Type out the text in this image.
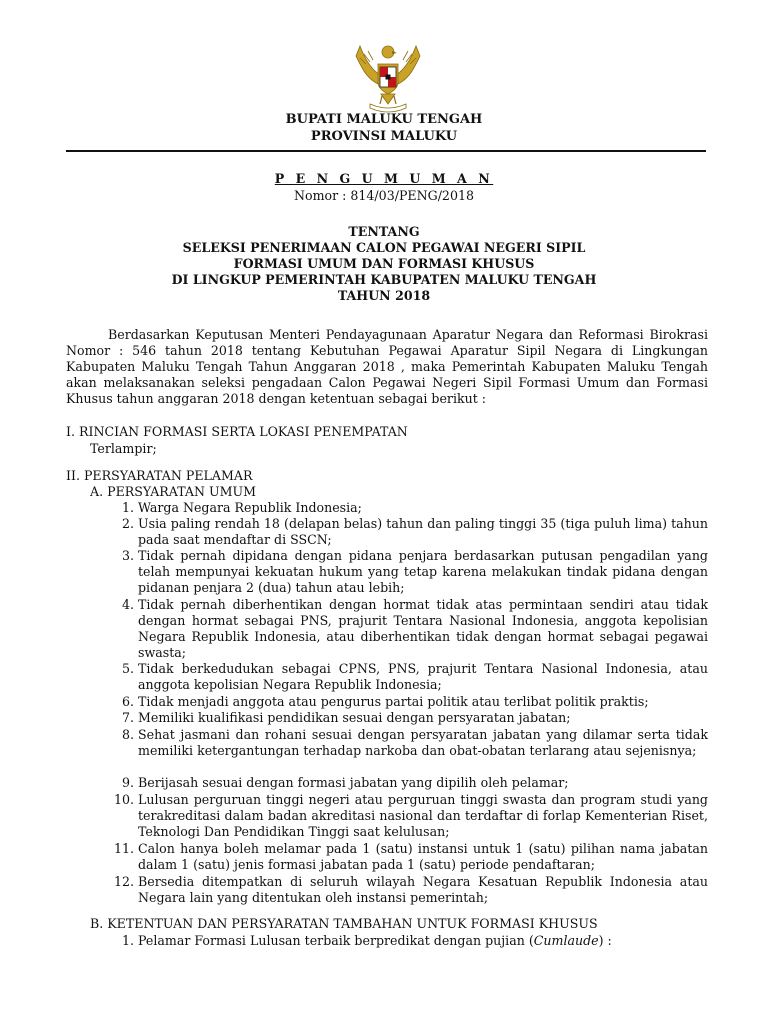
BUPATI MALUKU TENGAH
PROVINSI MALUKU
P E N G U M U M A N
Nomor : 814/03/PENG/2018
TENTANG
SELEKSI PENERIMAAN CALON PEGAWAI NEGERI SIPIL
FORMASI UMUM DAN FORMASI KHUSUS
DI LINGKUP PEMERINTAH KABUPATEN MALUKU TENGAH
TAHUN 2018
Berdasarkan Keputusan Menteri Pendayagunaan Aparatur Negara dan Reformasi Birokrasi Nomor : 546 tahun 2018 tentang Kebutuhan Pegawai Aparatur Sipil Negara di Lingkungan Kabupaten Maluku Tengah Tahun Anggaran 2018 , maka Pemerintah Kabupaten Maluku Tengah akan melaksanakan seleksi pengadaan Calon Pegawai Negeri Sipil Formasi Umum dan Formasi Khusus tahun anggaran 2018 dengan ketentuan sebagai berikut :
I. RINCIAN FORMASI SERTA LOKASI PENEMPATAN
Terlampir;
II. PERSYARATAN PELAMAR
A. PERSYARATAN UMUM
1. Warga Negara Republik Indonesia;
2. Usia paling rendah 18 (delapan belas) tahun dan paling tinggi 35 (tiga puluh lima) tahun pada saat mendaftar di SSCN;
3. Tidak pernah dipidana dengan pidana penjara berdasarkan putusan pengadilan yang telah mempunyai kekuatan hukum yang tetap karena melakukan tindak pidana dengan pidanan penjara 2 (dua) tahun atau lebih;
4. Tidak pernah diberhentikan dengan hormat tidak atas permintaan sendiri atau tidak dengan hormat sebagai PNS, prajurit Tentara Nasional Indonesia, anggota kepolisian Negara Republik Indonesia, atau diberhentikan tidak dengan hormat sebagai pegawai swasta;
5. Tidak berkedudukan sebagai CPNS, PNS, prajurit Tentara Nasional Indonesia, atau anggota kepolisian Negara Republik Indonesia;
6. Tidak menjadi anggota atau pengurus partai politik atau terlibat politik praktis;
7. Memiliki kualifikasi pendidikan sesuai dengan persyaratan jabatan;
8. Sehat jasmani dan rohani sesuai dengan persyaratan jabatan yang dilamar serta tidak memiliki ketergantungan terhadap narkoba dan obat-obatan terlarang atau sejenisnya;
9. Berijasah sesuai dengan formasi jabatan yang dipilih oleh pelamar;
10. Lulusan perguruan tinggi negeri atau perguruan tinggi swasta dan program studi yang terakreditasi dalam badan akreditasi nasional dan terdaftar di forlap Kementerian Riset, Teknologi Dan Pendidikan Tinggi saat kelulusan;
11. Calon hanya boleh melamar pada 1 (satu) instansi untuk 1 (satu) pilihan nama jabatan dalam 1 (satu) jenis formasi jabatan pada 1 (satu) periode pendaftaran;
12. Bersedia ditempatkan di seluruh wilayah Negara Kesatuan Republik Indonesia atau Negara lain yang ditentukan oleh instansi pemerintah;
B. KETENTUAN DAN PERSYARATAN TAMBAHAN UNTUK FORMASI KHUSUS
1. Pelamar Formasi Lulusan terbaik berpredikat dengan pujian (Cumlaude) :
